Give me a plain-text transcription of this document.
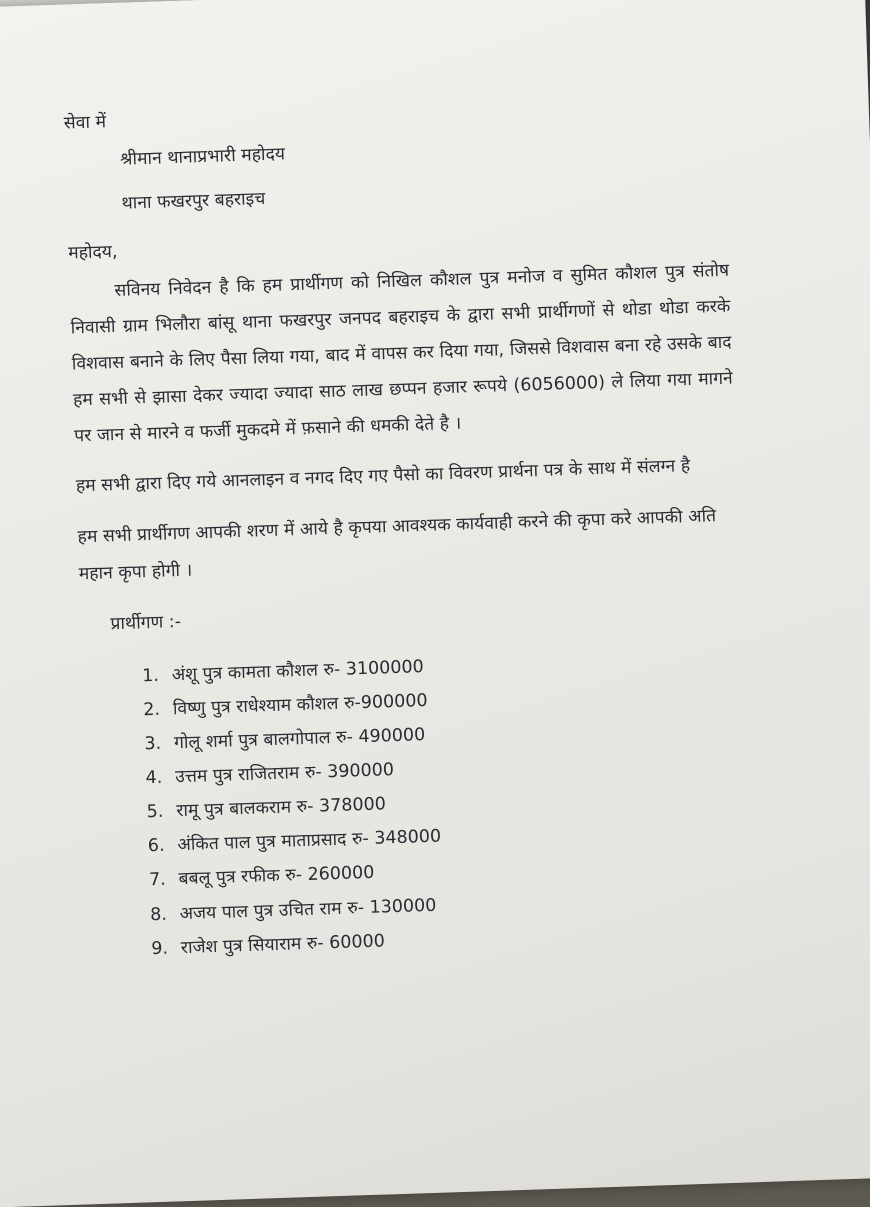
सेवा में
श्रीमान थानाप्रभारी महोदय
थाना फखरपुर बहराइच
महोदय,
सविनय निवेदन है कि हम प्रार्थीगण को निखिल कौशल पुत्र मनोज व सुमित कौशल पुत्र संतोष निवासी ग्राम भिलौरा बांसू थाना फखरपुर जनपद बहराइच के द्वारा सभी प्रार्थीगणों से थोडा थोडा करके विशवास बनाने के लिए पैसा लिया गया, बाद में वापस कर दिया गया, जिससे विशवास बना रहे उसके बाद हम सभी से झासा देकर ज्यादा ज्यादा साठ लाख छप्पन हजार रूपये (6056000) ले लिया गया मागने पर जान से मारने व फर्जी मुकदमे में फ़साने की धमकी देते है ।
हम सभी द्वारा दिए गये आनलाइन व नगद दिए गए पैसो का विवरण प्रार्थना पत्र के साथ में संलग्न है
हम सभी प्रार्थीगण आपकी शरण में आये है कृपया आवश्यक कार्यवाही करने की कृपा करे आपकी अति महान कृपा होगी ।
प्रार्थीगण :-
1. अंशू पुत्र कामता कौशल रु- 3100000
2. विष्णु पुत्र राधेश्याम कौशल रु-900000
3. गोलू शर्मा पुत्र बालगोपाल रु- 490000
4. उत्तम पुत्र राजितराम रु- 390000
5. रामू पुत्र बालकराम रु- 378000
6. अंकित पाल पुत्र माताप्रसाद रु- 348000
7. बबलू पुत्र रफीक रु- 260000
8. अजय पाल पुत्र उचित राम रु- 130000
9. राजेश पुत्र सियाराम रु- 60000
